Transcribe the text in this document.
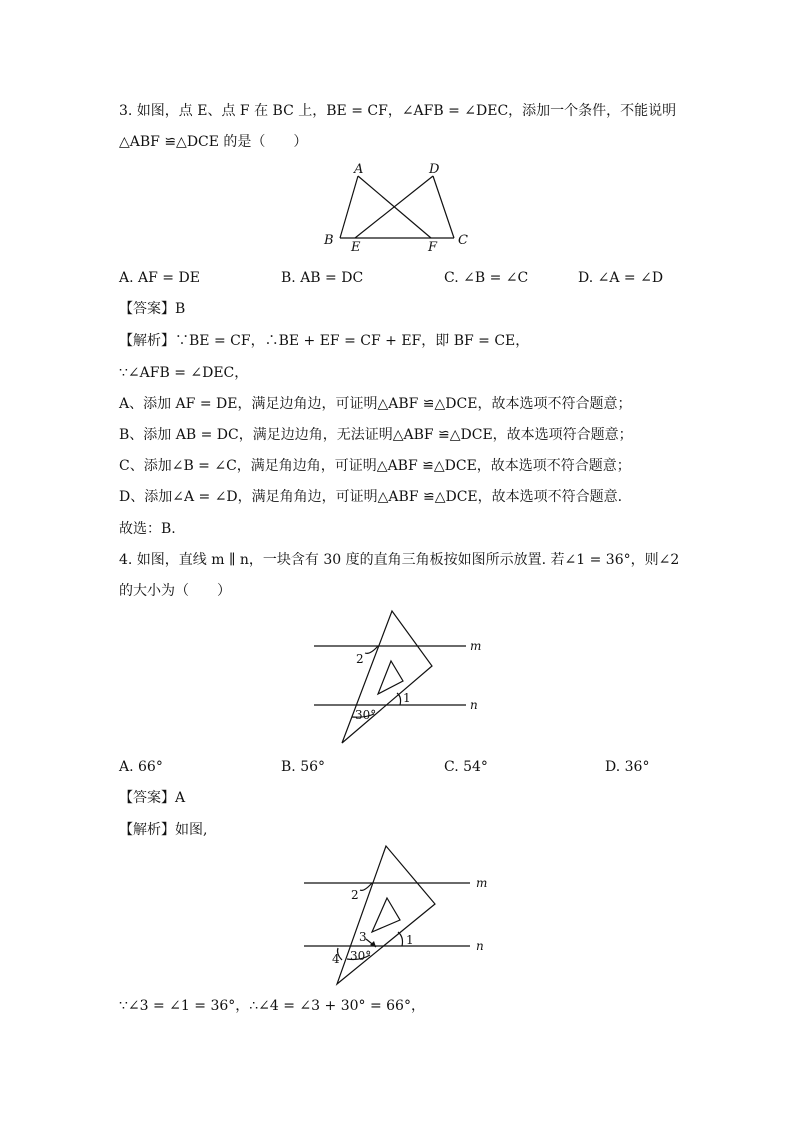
3. 如图，点 E、点 F 在 BC 上，BE = CF，∠AFB = ∠DEC，添加一个条件，不能说明
△ABF ≌△DCE 的是（　　）
A	D
B E	F C
A. AF = DE	B. AB = DC	C. ∠B = ∠C	D. ∠A = ∠D
【答案】B
【解析】∵BE = CF，∴BE + EF = CF + EF，即 BF = CE，
∵∠AFB = ∠DEC，
A、添加 AF = DE，满足边角边，可证明△ABF ≌△DCE，故本选项不符合题意；
B、添加 AB = DC，满足边边角，无法证明△ABF ≌△DCE，故本选项符合题意；
C、添加∠B = ∠C，满足角边角，可证明△ABF ≌△DCE，故本选项不符合题意；
D、添加∠A = ∠D，满足角角边，可证明△ABF ≌△DCE，故本选项不符合题意.
故选：B.
4. 如图，直线 m ∥ n，一块含有 30 度的直角三角板按如图所示放置. 若∠1 = 36°，则∠2
的大小为（　　）
m
n
2
1
30°
A. 66°	B. 56°	C. 54°	D. 36°
【答案】A
【解析】如图,
m
n
2
1
3
4 30°
∵∠3 = ∠1 = 36°，∴∠4 = ∠3 + 30° = 66°，
